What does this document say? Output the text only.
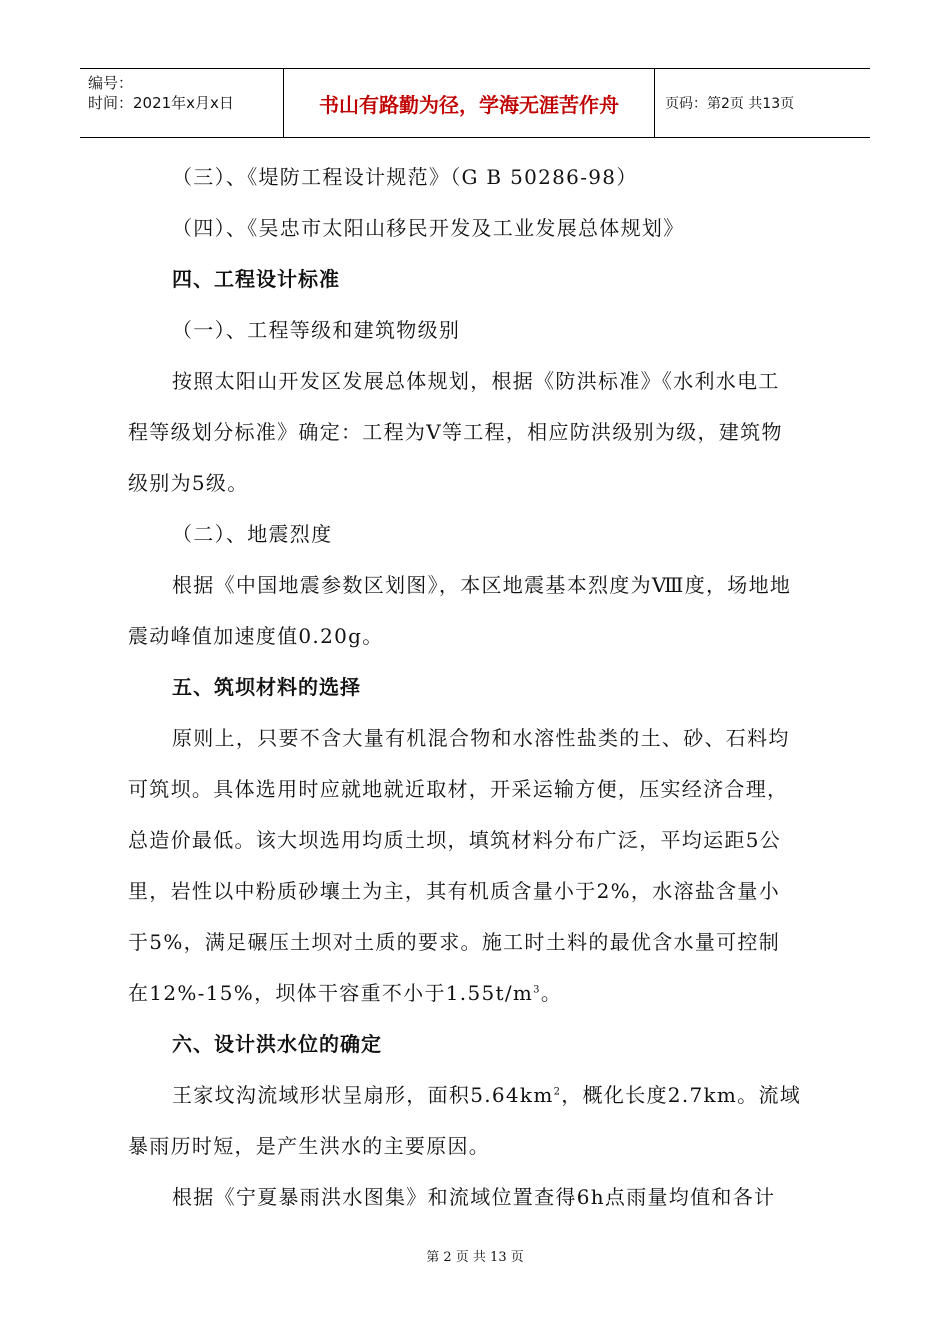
编号：
时间：2021年x月x日	书山有路勤为径，学海无涯苦作舟	页码：第2页 共13页

（三）、《堤防工程设计规范》（G B 50286-98）

（四）、《吴忠市太阳山移民开发及工业发展总体规划》

四、工程设计标准

（一）、工程等级和建筑物级别

按照太阳山开发区发展总体规划，根据《防洪标准》《水利水电工

程等级划分标准》确定：工程为Ⅴ等工程，相应防洪级别为级，建筑物

级别为5级。

（二）、地震烈度

根据《中国地震参数区划图》，本区地震基本烈度为Ⅷ度，场地地

震动峰值加速度值0.20g。

五、筑坝材料的选择

原则上，只要不含大量有机混合物和水溶性盐类的土、砂、石料均

可筑坝。具体选用时应就地就近取材，开采运输方便，压实经济合理，

总造价最低。该大坝选用均质土坝，填筑材料分布广泛，平均运距5公

里，岩性以中粉质砂壤土为主，其有机质含量小于2%，水溶盐含量小

于5%，满足碾压土坝对土质的要求。施工时土料的最优含水量可控制

在12%-15%，坝体干容重不小于$1.55t/m^3$。

六、设计洪水位的确定

王家坟沟流域形状呈扇形，面积$5.64km^2$，概化长度2.7km。流域

暴雨历时短，是产生洪水的主要原因。

根据《宁夏暴雨洪水图集》和流域位置查得6h点雨量均值和各计

第 2 页 共 13 页
